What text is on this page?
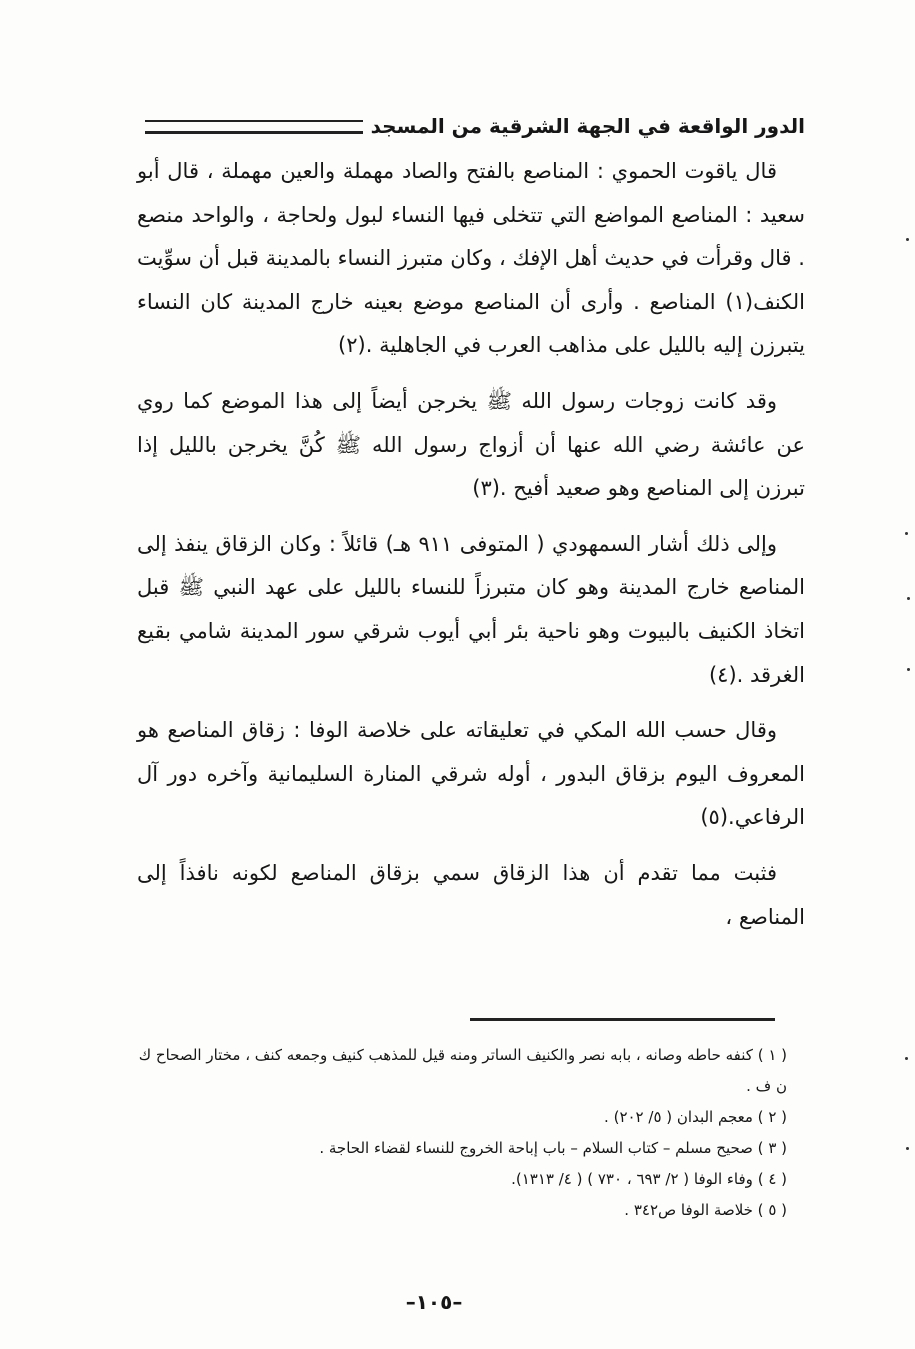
الدور الواقعة في الجهة الشرقية من المسجد

قال ياقوت الحموي : المناصع بالفتح والصاد مهملة والعين مهملة ، قال أبو سعيد : المناصع المواضع التي تتخلى فيها النساء لبول ولحاجة ، والواحد منصع . قال وقرأت في حديث أهل الإفك ، وكان متبرز النساء بالمدينة قبل أن سوِّيت الكنف(١) المناصع . وأرى أن المناصع موضع بعينه خارج المدينة كان النساء يتبرزن إليه بالليل على مذاهب العرب في الجاهلية .(٢)

وقد كانت زوجات رسول الله ﷺ يخرجن أيضاً إلى هذا الموضع كما روي عن عائشة رضي الله عنها أن أزواج رسول الله ﷺ كُنَّ يخرجن بالليل إذا تبرزن إلى المناصع وهو صعيد أفيح .(٣)

وإلى ذلك أشار السمهودي ( المتوفى ٩١١ هـ) قائلاً : وكان الزقاق ينفذ إلى المناصع خارج المدينة وهو كان متبرزاً للنساء بالليل على عهد النبي ﷺ قبل اتخاذ الكنيف بالبيوت وهو ناحية بئر أبي أيوب شرقي سور المدينة شامي بقيع الغرقد .(٤)

وقال حسب الله المكي في تعليقاته على خلاصة الوفا : زقاق المناصع هو المعروف اليوم بزقاق البدور ، أوله شرقي المنارة السليمانية وآخره دور آل الرفاعي.(٥)

فثبت مما تقدم أن هذا الزقاق سمي بزقاق المناصع لكونه نافذاً إلى المناصع ،

( ١ ) كنفه حاطه وصانه ، بابه نصر والكنيف الساتر ومنه قيل للمذهب كنيف وجمعه كنف ، مختار الصحاح ك ن ف .
( ٢ ) معجم البدان ( ٥/ ٢٠٢) .
( ٣ ) صحيح مسلم – كتاب السلام – باب إباحة الخروج للنساء لقضاء الحاجة .
( ٤ ) وفاء الوفا ( ٢/ ٦٩٣ ، ٧٣٠ ) ( ٤/ ١٣١٣).
( ٥ ) خلاصة الوفا ص٣٤٢ .
–١٠٥–
